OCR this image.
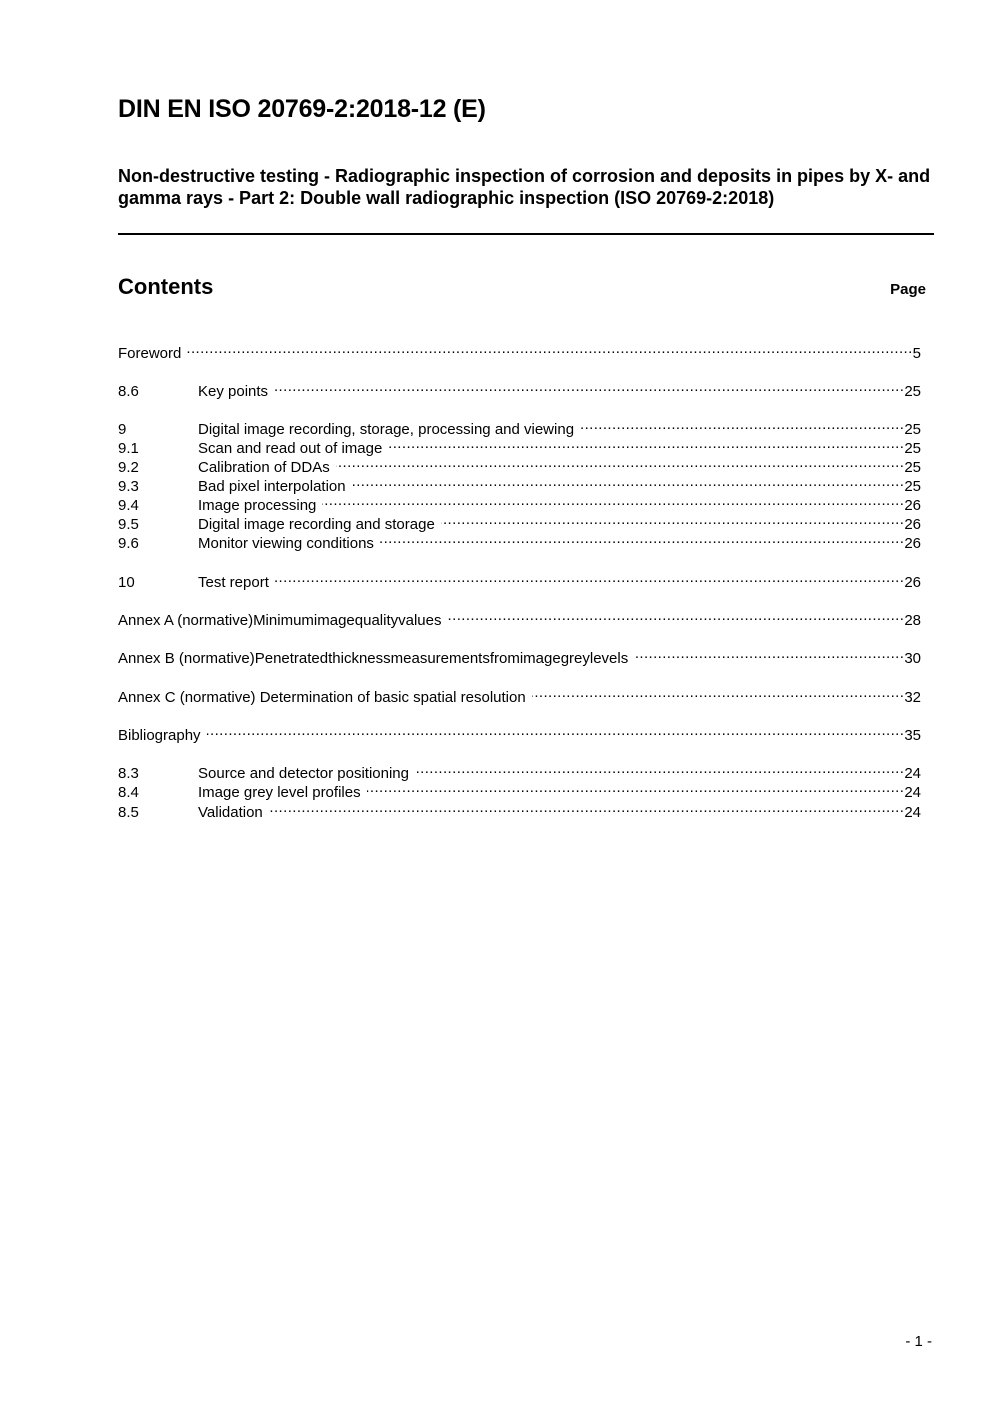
DIN EN ISO 20769-2:2018-12 (E)
Non-destructive testing - Radiographic inspection of corrosion and deposits in pipes by X- and gamma rays - Part 2: Double wall radiographic inspection (ISO 20769-2:2018)
Contents	Page
Foreword .....	5
8.6	Key points .....	25
9	Digital image recording, storage, processing and viewing .....	25
9.1	Scan and read out of image .....	25
9.2	Calibration of DDAs .....	25
9.3	Bad pixel interpolation .....	25
9.4	Image processing .....	26
9.5	Digital image recording and storage .....	26
9.6	Monitor viewing conditions .....	26
10	Test report .....	26
Annex A (normative)Minimumimagequalityvalues .....	28
Annex B (normative)Penetratedthicknessmeasurementsfromimagegreylevels .....	30
Annex C (normative) Determination of basic spatial resolution .....	32
Bibliography .....	35
8.3	Source and detector positioning .....	24
8.4	Image grey level profiles .....	24
8.5	Validation .....	24
- 1 -
